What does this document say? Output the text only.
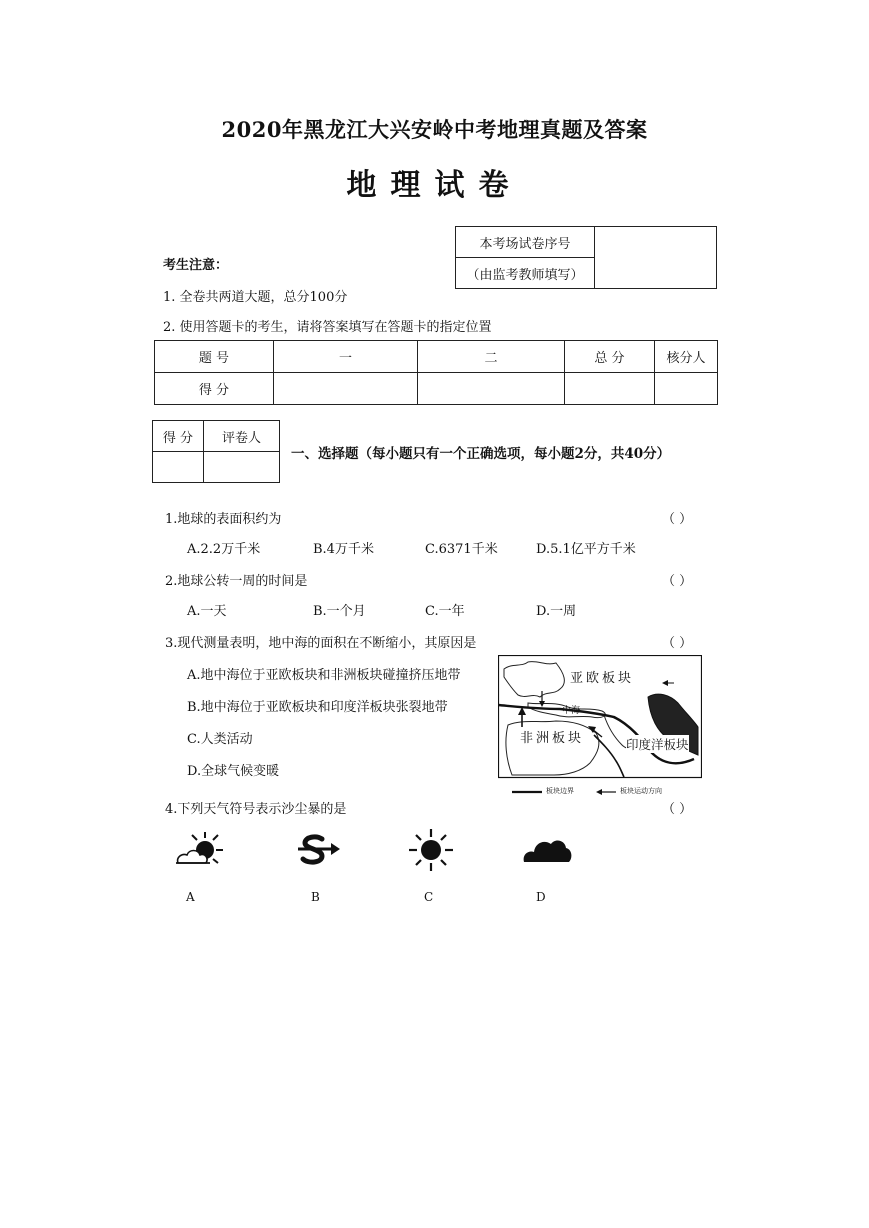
2020年黑龙江大兴安岭中考地理真题及答案
地理试卷
本考场试卷序号	
（由监考教师填写）
考生注意：
1. 全卷共两道大题，总分100分
2. 使用答题卡的考生，请将答案填写在答题卡的指定位置
题 号	一	二	总 分	核分人
得 分				
得 分	评卷人

一、选择题（每小题只有一个正确选项，每小题2分，共40分）
1.地球的表面积约为	（ ）
A.2.2万千米	B.4万千米	C.6371千米	D.5.1亿平方千米
2.地球公转一周的时间是	（ ）
A.一天	B.一个月	C.一年	D.一周
3.现代测量表明，地中海的面积在不断缩小，其原因是	（ ）
A.地中海位于亚欧板块和非洲板块碰撞挤压地带
B.地中海位于亚欧板块和印度洋板块张裂地带
C.人类活动
D.全球气候变暖
亚欧板块
非洲板块	印度洋板块
中海
板块边界	板块运动方向
4.下列天气符号表示沙尘暴的是	（ ）
A	B	C	D
